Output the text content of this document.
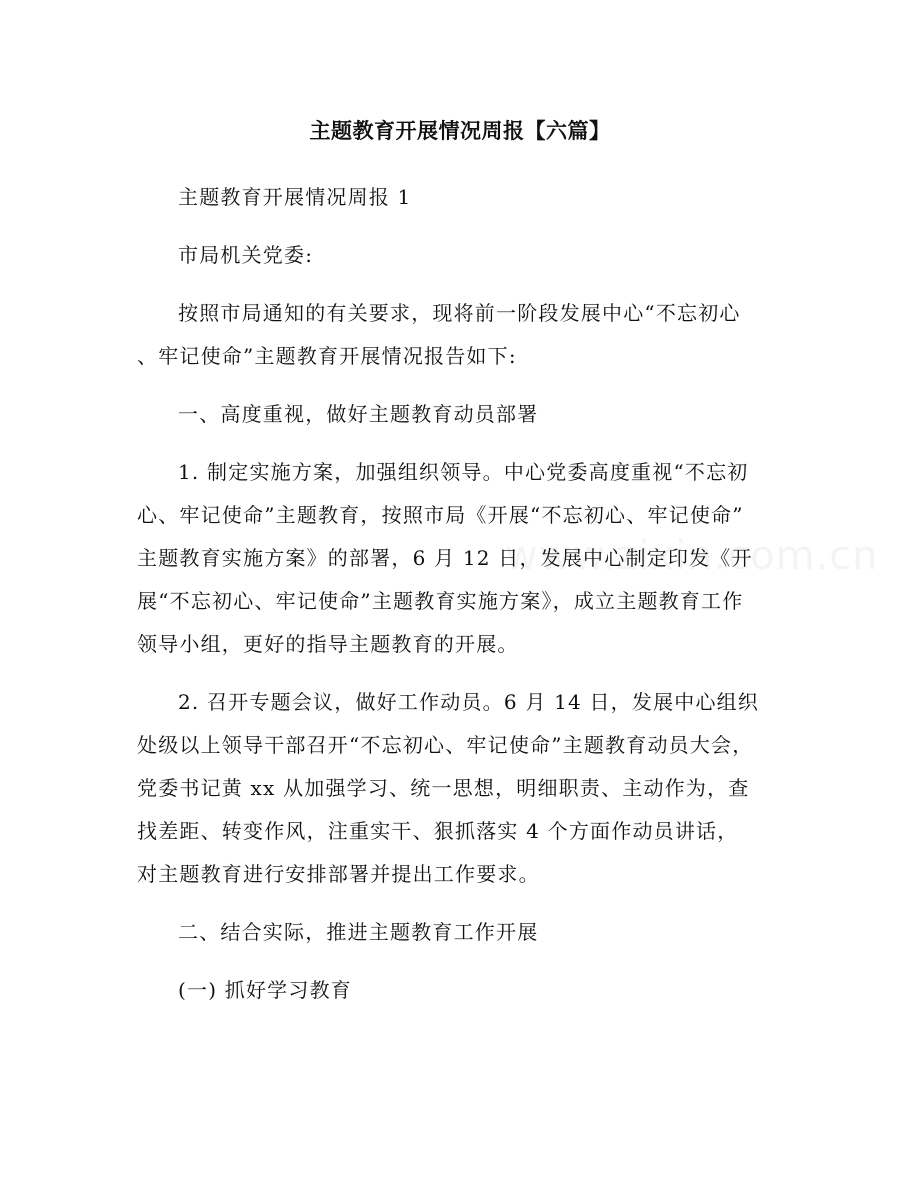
主题教育开展情况周报【六篇】
主题教育开展情况周报 1
市局机关党委:
按照市局通知的有关要求，现将前一阶段发展中心“不忘初心
、牢记使命”主题教育开展情况报告如下:
一、高度重视，做好主题教育动员部署
1. 制定实施方案，加强组织领导。中心党委高度重视“不忘初
心、牢记使命”主题教育，按照市局《开展“不忘初心、牢记使命”
主题教育实施方案》的部署，6 月 12 日，发展中心制定印发《开
展“不忘初心、牢记使命”主题教育实施方案》，成立主题教育工作
领导小组，更好的指导主题教育的开展。
2. 召开专题会议，做好工作动员。6 月 14 日，发展中心组织
处级以上领导干部召开“不忘初心、牢记使命”主题教育动员大会，
党委书记黄 xx 从加强学习、统一思想，明细职责、主动作为，查
找差距、转变作风，注重实干、狠抓落实 4 个方面作动员讲话，
对主题教育进行安排部署并提出工作要求。
二、结合实际，推进主题教育工作开展
(一) 抓好学习教育
